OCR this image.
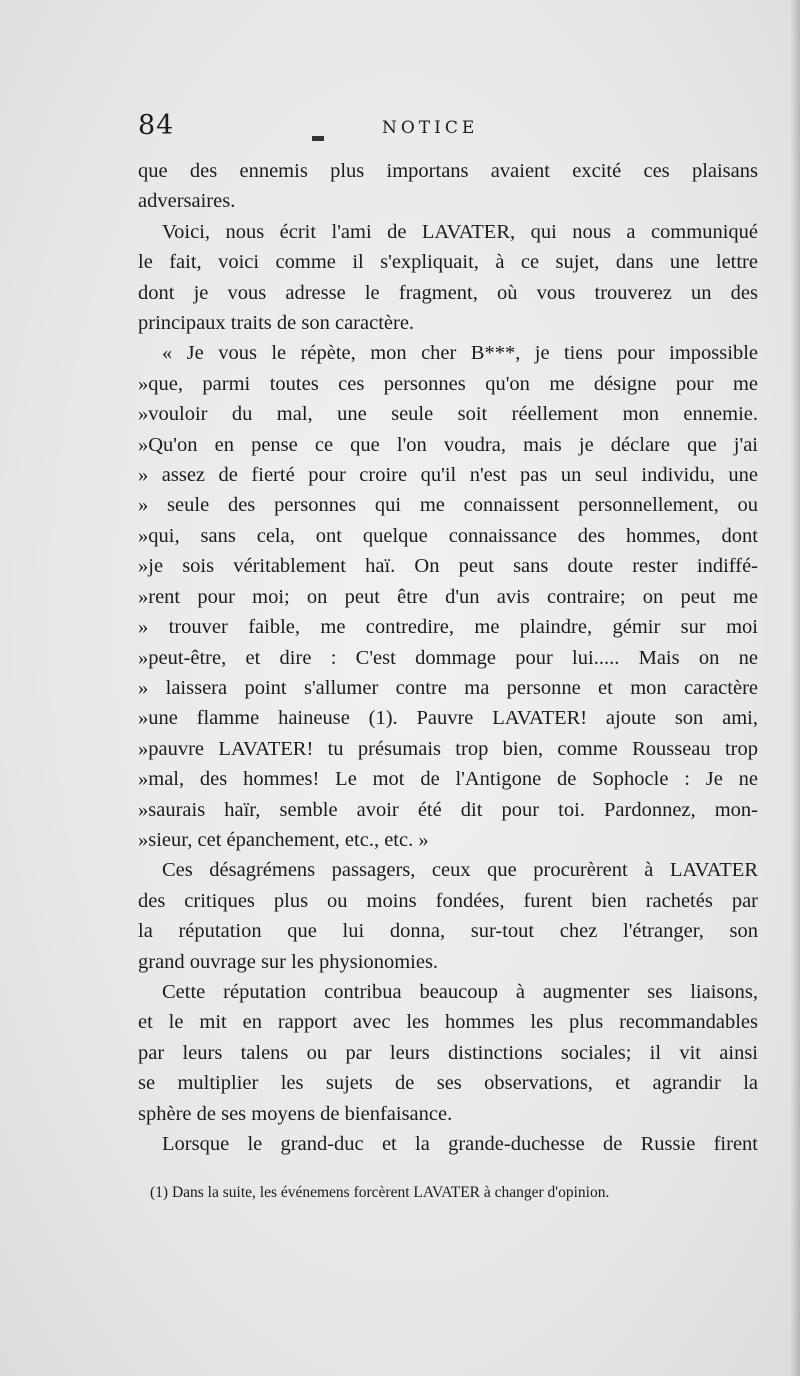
84	NOTICE
que des ennemis plus importans avaient excité ces plaisans
adversaires.
Voici, nous écrit l'ami de LAVATER, qui nous a communiqué
le fait, voici comme il s'expliquait, à ce sujet, dans une lettre
dont je vous adresse le fragment, où vous trouverez un des
principaux traits de son caractère.
« Je vous le répète, mon cher B***, je tiens pour impossible
»que, parmi toutes ces personnes qu'on me désigne pour me
»vouloir du mal, une seule soit réellement mon ennemie.
»Qu'on en pense ce que l'on voudra, mais je déclare que j'ai
» assez de fierté pour croire qu'il n'est pas un seul individu, une
» seule des personnes qui me connaissent personnellement, ou
»qui, sans cela, ont quelque connaissance des hommes, dont
»je sois véritablement haï. On peut sans doute rester indiffé-
»rent pour moi; on peut être d'un avis contraire; on peut me
» trouver faible, me contredire, me plaindre, gémir sur moi
»peut-être, et dire : C'est dommage pour lui..... Mais on ne
» laissera point s'allumer contre ma personne et mon caractère
»une flamme haineuse (1). Pauvre LAVATER! ajoute son ami,
»pauvre LAVATER! tu présumais trop bien, comme Rousseau trop
»mal, des hommes! Le mot de l'Antigone de Sophocle : Je ne
»saurais haïr, semble avoir été dit pour toi. Pardonnez, mon-
»sieur, cet épanchement, etc., etc. »
Ces désagrémens passagers, ceux que procurèrent à LAVATER
des critiques plus ou moins fondées, furent bien rachetés par
la réputation que lui donna, sur-tout chez l'étranger, son
grand ouvrage sur les physionomies.
Cette réputation contribua beaucoup à augmenter ses liaisons,
et le mit en rapport avec les hommes les plus recommandables
par leurs talens ou par leurs distinctions sociales; il vit ainsi
se multiplier les sujets de ses observations, et agrandir la
sphère de ses moyens de bienfaisance.
Lorsque le grand-duc et la grande-duchesse de Russie firent
(1) Dans la suite, les événemens forcèrent LAVATER à changer d'opinion.
